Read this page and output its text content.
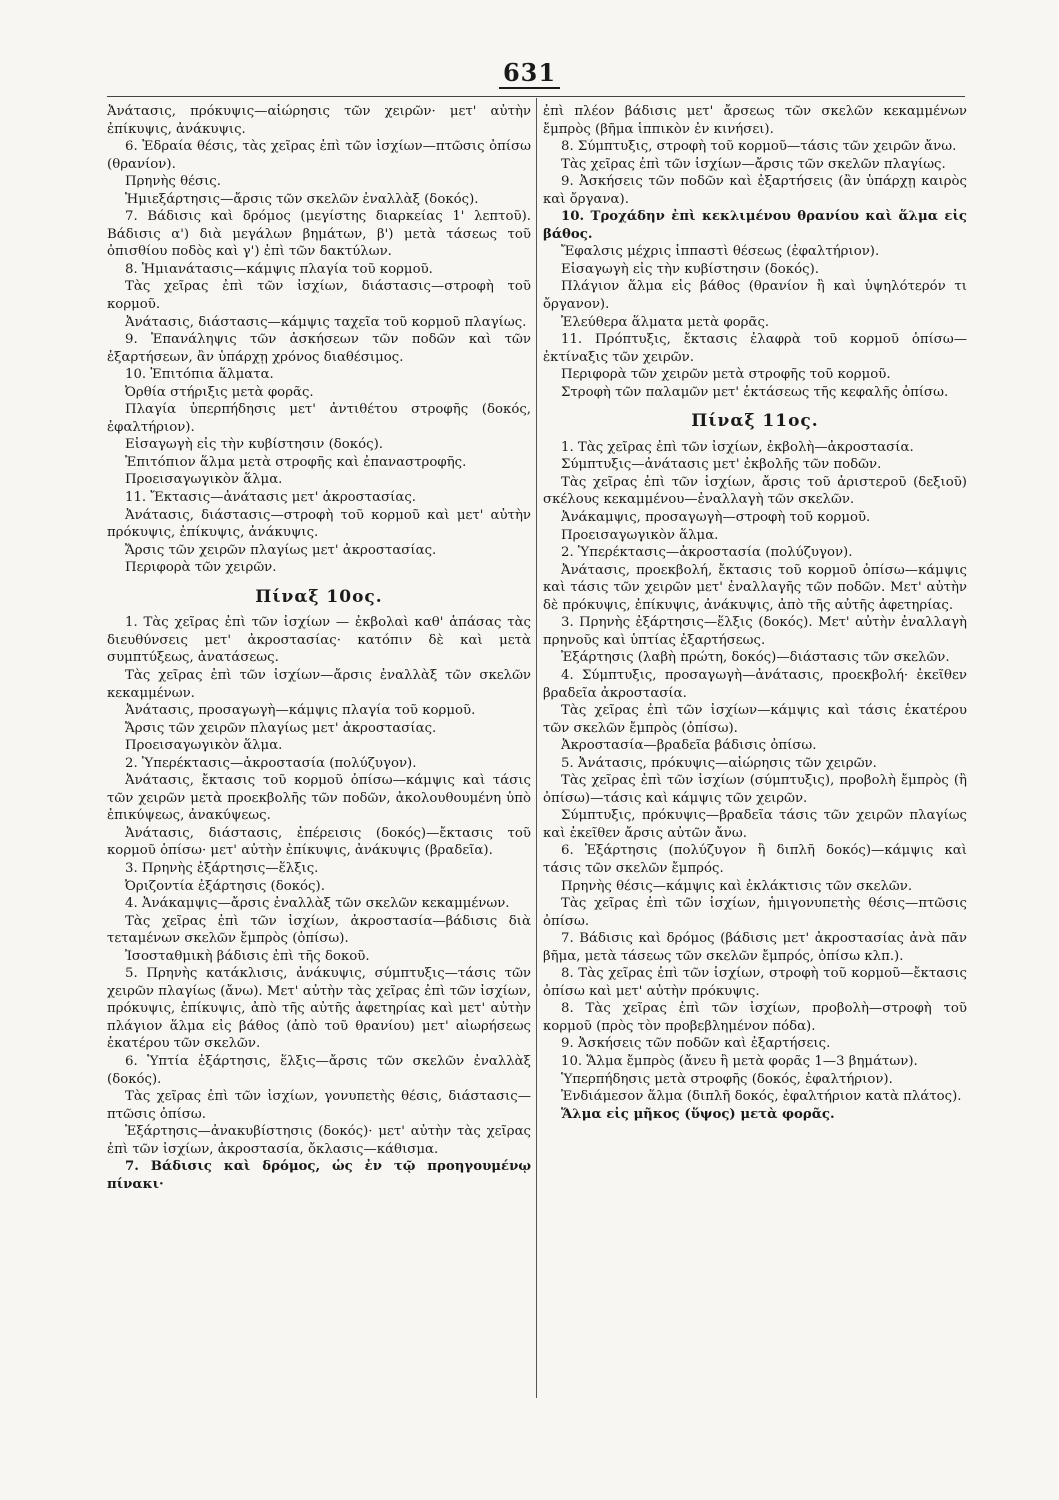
631

Ἀνάτασις, πρόκυψις—αἰώρησις τῶν χειρῶν· μετ' αὐτὴν ἐπίκυψις, ἀνάκυψις.

6. Ἑδραία θέσις, τὰς χεῖρας ἐπὶ τῶν ἰσχίων—πτῶσις ὀπίσω (θρανίον).

Πρηνὴς θέσις.

Ἡμιεξάρτησις—ἄρσις τῶν σκελῶν ἐναλλὰξ (δοκός).

7. Βάδισις καὶ δρόμος (μεγίστης διαρκείας 1' λεπτοῦ). Βάδισις α') διὰ μεγάλων βημάτων, β') μετὰ τάσεως τοῦ ὀπισθίου ποδὸς καὶ γ') ἐπὶ τῶν δακτύλων.

8. Ἡμιανάτασις—κάμψις πλαγία τοῦ κορμοῦ.

Τὰς χεῖρας ἐπὶ τῶν ἰσχίων, διάστασις—στροφὴ τοῦ κορμοῦ.

Ἀνάτασις, διάστασις—κάμψις ταχεῖα τοῦ κορμοῦ πλαγίως.

9. Ἐπανάληψις τῶν ἀσκήσεων τῶν ποδῶν καὶ τῶν ἐξαρτήσεων, ἂν ὑπάρχῃ χρόνος διαθέσιμος.

10. Ἐπιτόπια ἅλματα.

Ὀρθία στήριξις μετὰ φορᾶς.

Πλαγία ὑπερπήδησις μετ' ἀντιθέτου στροφῆς (δοκός, ἐφαλτήριον).

Εἰσαγωγὴ εἰς τὴν κυβίστησιν (δοκός).

Ἐπιτόπιον ἅλμα μετὰ στροφῆς καὶ ἐπαναστροφῆς.

Προεισαγωγικὸν ἅλμα.

11. Ἔκτασις—ἀνάτασις μετ' ἀκροστασίας.

Ἀνάτασις, διάστασις—στροφὴ τοῦ κορμοῦ καὶ μετ' αὐτὴν πρόκυψις, ἐπίκυψις, ἀνάκυψις.

Ἄρσις τῶν χειρῶν πλαγίως μετ' ἀκροστασίας.

Περιφορὰ τῶν χειρῶν.

Πίναξ 10ος.

1. Τὰς χεῖρας ἐπὶ τῶν ἰσχίων — ἐκβολαὶ καθ' ἁπάσας τὰς διευθύνσεις μετ' ἀκροστασίας· κατόπιν δὲ καὶ μετὰ συμπτύξεως, ἀνατάσεως.

Τὰς χεῖρας ἐπὶ τῶν ἰσχίων—ἄρσις ἐναλλὰξ τῶν σκελῶν κεκαμμένων.

Ἀνάτασις, προσαγωγὴ—κάμψις πλαγία τοῦ κορμοῦ.

Ἄρσις τῶν χειρῶν πλαγίως μετ' ἀκροστασίας.

Προεισαγωγικὸν ἅλμα.

2. Ὑπερέκτασις—ἀκροστασία (πολύζυγον).

Ἀνάτασις, ἔκτασις τοῦ κορμοῦ ὀπίσω—κάμψις καὶ τάσις τῶν χειρῶν μετὰ προεκβολῆς τῶν ποδῶν, ἀκολουθουμένη ὑπὸ ἐπικύψεως, ἀνακύψεως.

Ἀνάτασις, διάστασις, ἐπέρεισις (δοκός)—ἔκτασις τοῦ κορμοῦ ὀπίσω· μετ' αὐτὴν ἐπίκυψις, ἀνάκυψις (βραδεῖα).

3. Πρηνὴς ἐξάρτησις—ἕλξις.

Ὀριζοντία ἐξάρτησις (δοκός).

4. Ἀνάκαμψις—ἄρσις ἐναλλὰξ τῶν σκελῶν κεκαμμένων.

Τὰς χεῖρας ἐπὶ τῶν ἰσχίων, ἀκροστασία—βάδισις διὰ τεταμένων σκελῶν ἔμπρὸς (ὀπίσω).

Ἰσοσταθμικὴ βάδισις ἐπὶ τῆς δοκοῦ.

5. Πρηνὴς κατάκλισις, ἀνάκυψις, σύμπτυξις—τάσις τῶν χειρῶν πλαγίως (ἄνω). Μετ' αὐτὴν τὰς χεῖρας ἐπὶ τῶν ἰσχίων, πρόκυψις, ἐπίκυψις, ἀπὸ τῆς αὐτῆς ἀφετηρίας καὶ μετ' αὐτὴν πλάγιον ἅλμα εἰς βάθος (ἀπὸ τοῦ θρανίου) μετ' αἰωρήσεως ἑκατέρου τῶν σκελῶν.

6. Ὑπτία ἐξάρτησις, ἕλξις—ἄρσις τῶν σκελῶν ἐναλλὰξ (δοκός).

Τὰς χεῖρας ἐπὶ τῶν ἰσχίων, γονυπετὴς θέσις, διάστασις—πτῶσις ὀπίσω.

Ἐξάρτησις—ἀνακυβίστησις (δοκός)· μετ' αὐτὴν τὰς χεῖρας ἐπὶ τῶν ἰσχίων, ἀκροστασία, ὄκλασις—κάθισμα.

7. Βάδισις καὶ δρόμος, ὡς ἐν τῷ προηγουμένῳ πίνακι·

ἐπὶ πλέον βάδισις μετ' ἄρσεως τῶν σκελῶν κεκαμμένων ἔμπρὸς (βῆμα ἱππικὸν ἐν κινήσει).

8. Σύμπτυξις, στροφὴ τοῦ κορμοῦ—τάσις τῶν χειρῶν ἄνω.

Τὰς χεῖρας ἐπὶ τῶν ἰσχίων—ἄρσις τῶν σκελῶν πλαγίως.

9. Ἀσκήσεις τῶν ποδῶν καὶ ἐξαρτήσεις (ἂν ὑπάρχῃ καιρὸς καὶ ὄργανα).

10. Τροχάδην ἐπὶ κεκλιμένου θρανίου καὶ ἅλμα εἰς βάθος.

Ἔφαλσις μέχρις ἱππαστὶ θέσεως (ἐφαλτήριον).

Εἰσαγωγὴ εἰς τὴν κυβίστησιν (δοκός).

Πλάγιον ἅλμα εἰς βάθος (θρανίον ἢ καὶ ὑψηλότερόν τι ὄργανον).

Ἐλεύθερα ἅλματα μετὰ φορᾶς.

11. Πρόπτυξις, ἔκτασις ἐλαφρὰ τοῦ κορμοῦ ὀπίσω—ἐκτίναξις τῶν χειρῶν.

Περιφορὰ τῶν χειρῶν μετὰ στροφῆς τοῦ κορμοῦ.

Στροφὴ τῶν παλαμῶν μετ' ἐκτάσεως τῆς κεφαλῆς ὀπίσω.

Πίναξ 11ος.

1. Τὰς χεῖρας ἐπὶ τῶν ἰσχίων, ἐκβολὴ—ἀκροστασία.

Σύμπτυξις—ἀνάτασις μετ' ἐκβολῆς τῶν ποδῶν.

Τὰς χεῖρας ἐπὶ τῶν ἰσχίων, ἄρσις τοῦ ἀριστεροῦ (δεξιοῦ) σκέλους κεκαμμένου—ἐναλλαγὴ τῶν σκελῶν.

Ἀνάκαμψις, προσαγωγὴ—στροφὴ τοῦ κορμοῦ.

Προεισαγωγικὸν ἅλμα.

2. Ὑπερέκτασις—ἀκροστασία (πολύζυγον).

Ἀνάτασις, προεκβολή, ἔκτασις τοῦ κορμοῦ ὀπίσω—κάμψις καὶ τάσις τῶν χειρῶν μετ' ἐναλλαγῆς τῶν ποδῶν. Μετ' αὐτὴν δὲ πρόκυψις, ἐπίκυψις, ἀνάκυψις, ἀπὸ τῆς αὐτῆς ἀφετηρίας.

3. Πρηνὴς ἐξάρτησις—ἕλξις (δοκός). Μετ' αὐτὴν ἐναλλαγὴ πρηνοῦς καὶ ὑπτίας ἐξαρτήσεως.

Ἐξάρτησις (λαβὴ πρώτη, δοκός)—διάστασις τῶν σκελῶν.

4. Σύμπτυξις, προσαγωγὴ—ἀνάτασις, προεκβολή· ἐκεῖθεν βραδεῖα ἀκροστασία.

Τὰς χεῖρας ἐπὶ τῶν ἰσχίων—κάμψις καὶ τάσις ἑκατέρου τῶν σκελῶν ἔμπρὸς (ὀπίσω).

Ἀκροστασία—βραδεῖα βάδισις ὀπίσω.

5. Ἀνάτασις, πρόκυψις—αἰώρησις τῶν χειρῶν.

Τὰς χεῖρας ἐπὶ τῶν ἰσχίων (σύμπτυξις), προβολὴ ἔμπρὸς (ἢ ὀπίσω)—τάσις καὶ κάμψις τῶν χειρῶν.

Σύμπτυξις, πρόκυψις—βραδεῖα τάσις τῶν χειρῶν πλαγίως καὶ ἐκεῖθεν ἄρσις αὐτῶν ἄνω.

6. Ἐξάρτησις (πολύζυγον ἢ διπλῆ δοκός)—κάμψις καὶ τάσις τῶν σκελῶν ἔμπρός.

Πρηνὴς θέσις—κάμψις καὶ ἐκλάκτισις τῶν σκελῶν.

Τὰς χεῖρας ἐπὶ τῶν ἰσχίων, ἡμιγονυπετὴς θέσις—πτῶσις ὀπίσω.

7. Βάδισις καὶ δρόμος (βάδισις μετ' ἀκροστασίας ἀνὰ πᾶν βῆμα, μετὰ τάσεως τῶν σκελῶν ἔμπρός, ὀπίσω κλπ.).

8. Τὰς χεῖρας ἐπὶ τῶν ἰσχίων, στροφὴ τοῦ κορμοῦ—ἔκτασις ὀπίσω καὶ μετ' αὐτὴν πρόκυψις.

8. Τὰς χεῖρας ἐπὶ τῶν ἰσχίων, προβολὴ—στροφὴ τοῦ κορμοῦ (πρὸς τὸν προβεβλημένον πόδα).

9. Ἀσκήσεις τῶν ποδῶν καὶ ἐξαρτήσεις.

10. Ἅλμα ἔμπρὸς (ἄνευ ἢ μετὰ φορᾶς 1—3 βημάτων).

Ὑπερπήδησις μετὰ στροφῆς (δοκός, ἐφαλτήριον).

Ἐνδιάμεσον ἅλμα (διπλῆ δοκός, ἐφαλτήριον κατὰ πλάτος).

Ἅλμα εἰς μῆκος (ὕψος) μετὰ φορᾶς.
